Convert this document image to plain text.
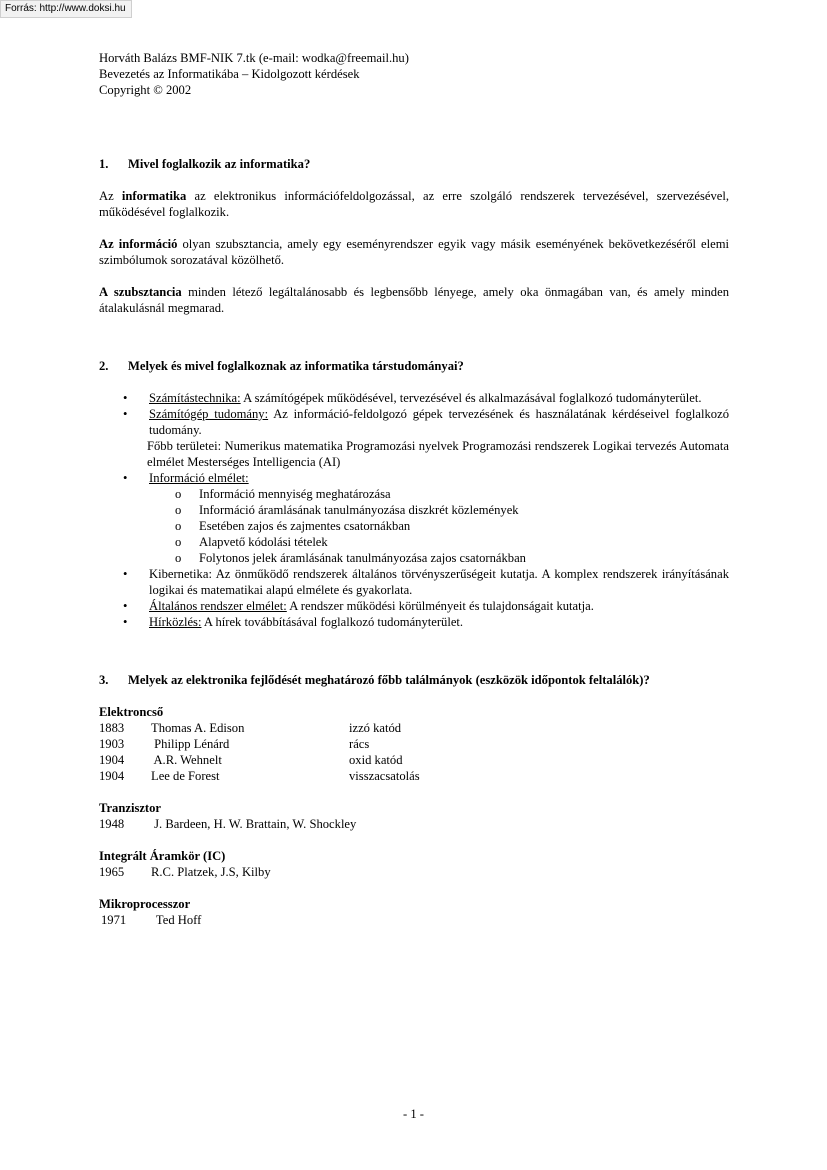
Forrás: http://www.doksi.hu
Horváth Balázs BMF-NIK 7.tk (e-mail: wodka@freemail.hu)
Bevezetés az Informatikába – Kidolgozott kérdések
Copyright © 2002
1. Mivel foglalkozik az informatika?

Az informatika az elektronikus információfeldolgozással, az erre szolgáló rendszerek tervezésével, szervezésével, működésével foglalkozik.

Az információ olyan szubsztancia, amely egy eseményrendszer egyik vagy másik eseményének bekövetkezéséről elemi szimbólumok sorozatával közölhető.

A szubsztancia minden létező legáltalánosabb és legbensőbb lényege, amely oka önmagában van, és amely minden átalakulásnál megmarad.

2. Melyek és mivel foglalkoznak az informatika társtudományai?
• Számítástechnika: A számítógépek működésével, tervezésével és alkalmazásával foglalkozó tudományterület.
• Számítógép tudomány: Az információ-feldolgozó gépek tervezésének és használatának kérdéseivel foglalkozó tudomány.
Főbb területei: Numerikus matematika Programozási nyelvek Programozási rendszerek Logikai tervezés Automata elmélet Mesterséges Intelligencia (AI)
• Információ elmélet:
o Információ mennyiség meghatározása
o Információ áramlásának tanulmányozása diszkrét közlemények
o Esetében zajos és zajmentes csatornákban
o Alapvető kódolási tételek
o Folytonos jelek áramlásának tanulmányozása zajos csatornákban
• Kibernetika: Az önműködő rendszerek általános törvényszerűségeit kutatja. A komplex rendszerek irányításának logikai és matematikai alapú elmélete és gyakorlata.
• Általános rendszer elmélet: A rendszer működési körülményeit és tulajdonságait kutatja.
• Hírközlés: A hírek továbbításával foglalkozó tudományterület.
3. Melyek az elektronika fejlődését meghatározó főbb találmányok (eszközök időpontok feltalálók)?
Elektroncső
1883	Thomas A. Edison	izzó katód
1903	Philipp Lénárd	rács
1904	A.R. Wehnelt	oxid katód
1904	Lee de Forest	visszacsatolás
Tranzisztor
1948	J. Bardeen, H. W. Brattain, W. Shockley
Integrált Áramkör (IC)
1965	R.C. Platzek, J.S, Kilby
Mikroprocesszor
1971	Ted Hoff
- 1 -
